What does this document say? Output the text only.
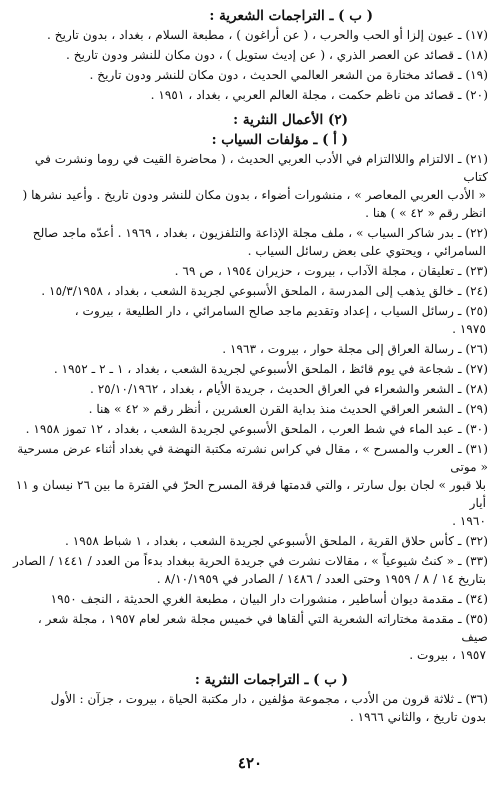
( ب ) ـ التراجمات الشعرية :

(١٧) ـ عيون إلزا أو الحب والحرب ، ( عن أراغون ) ، مطبعة السلام ، بغداد ، بدون تاريخ .

(١٨) ـ قصائد عن العصر الذري ، ( عن إديث ستويل ) ، دون مكان للنشر ودون تاريخ .

(١٩) ـ قصائد مختارة من الشعر العالمي الحديث ، دون مكان للنشر ودون تاريخ .

(٢٠) ـ قصائد من ناظم حكمت ، مجلة العالم العربي ، بغداد ، ١٩٥١ .

(٢) الأعمال النثرية :
( أ ) ـ مؤلفات السياب :

(٢١) ـ الالتزام واللاالتزام في الأدب العربي الحديث ، ( محاضرة القيت في روما ونشرت في كتاب

« الأدب العربي المعاصر » ، منشورات أضواء ، بدون مكان للنشر ودون تاريخ . وأعيد نشرها (

انظر رقم « ٤٢ » ) هنا .

(٢٢) ـ بدر شاكر السياب » ، ملف مجلة الإذاعة والتلفزيون ، بغداد ، ١٩٦٩ . أعدّه ماجد صالح

السامرائي ، ويحتوي على بعض رسائل السياب .

(٢٣) ـ تعليقان ، مجلة الآداب ، بيروت ، حزيران ١٩٥٤ ، ص ٦٩ .

(٢٤) ـ خالق يذهب إلى المدرسة ، الملحق الأسبوعي لجريدة الشعب ، بغداد ، ١٥/٣/١٩٥٨ .

(٢٥) ـ رسائل السياب ، إعداد وتقديم ماجد صالح السامرائي ، دار الطليعة ، بيروت ،

١٩٧٥ .

(٢٦) ـ رسالة العراق إلى مجلة حوار ، بيروت ، ١٩٦٣ .

(٢٧) ـ شجاعة في يوم قائظ ، الملحق الأسبوعي لجريدة الشعب ، بغداد ، ١ ـ ٢ ـ ١٩٥٢ .

(٢٨) ـ الشعر والشعراء في العراق الحديث ، جريدة الأيام ، بغداد ، ٢٥/١٠/١٩٦٢ .

(٢٩) ـ الشعر العراقي الحديث منذ بداية القرن العشرين ، أنظر رقم « ٤٢ » هنا .

(٣٠) ـ عبد الماء في شط العرب ، الملحق الأسبوعي لجريدة الشعب ، بغداد ، ١٢ تموز ١٩٥٨ .

(٣١) ـ العرب والمسرح » ، مقال في كراس نشرته مكتبة النهضة في بغداد أثناء عرض مسرحية « موتى

بلا قبور » لجان بول سارتر ، والتي قدمتها فرقة المسرح الحرّ في الفترة ما بين ٢٦ نيسان و ١١ أيار

١٩٦٠ .

(٣٢) ـ كأس حلاق القرية ، الملحق الأسبوعي لجريدة الشعب ، بغداد ، ١ شباط ١٩٥٨ .

(٣٣) ـ « كنتُ شيوعياً » ، مقالات نشرت في جريدة الحرية ببغداد بدءاً من العدد / ١٤٤١ / الصادر

بتاريخ ١٤ / ٨ / ١٩٥٩ وحتى العدد / ١٤٨٦ / الصادر في ٨/١٠/١٩٥٩ .

(٣٤) ـ مقدمة ديوان أساطير ، منشورات دار البيان ، مطبعة الغري الحديثة ، النجف ١٩٥٠

(٣٥) ـ مقدمة مختاراته الشعرية التي ألقاها في خميس مجلة شعر لعام ١٩٥٧ ، مجلة شعر ، صيف

١٩٥٧ ، بيروت .

( ب ) ـ التراجمات النثرية :

(٣٦) ـ ثلاثة قرون من الأدب ، مجموعة مؤلفين ، دار مكتبة الحياة ، بيروت ، جزآن : الأول

بدون تاريخ ، والثاني ١٩٦٦ .

٤٢٠
